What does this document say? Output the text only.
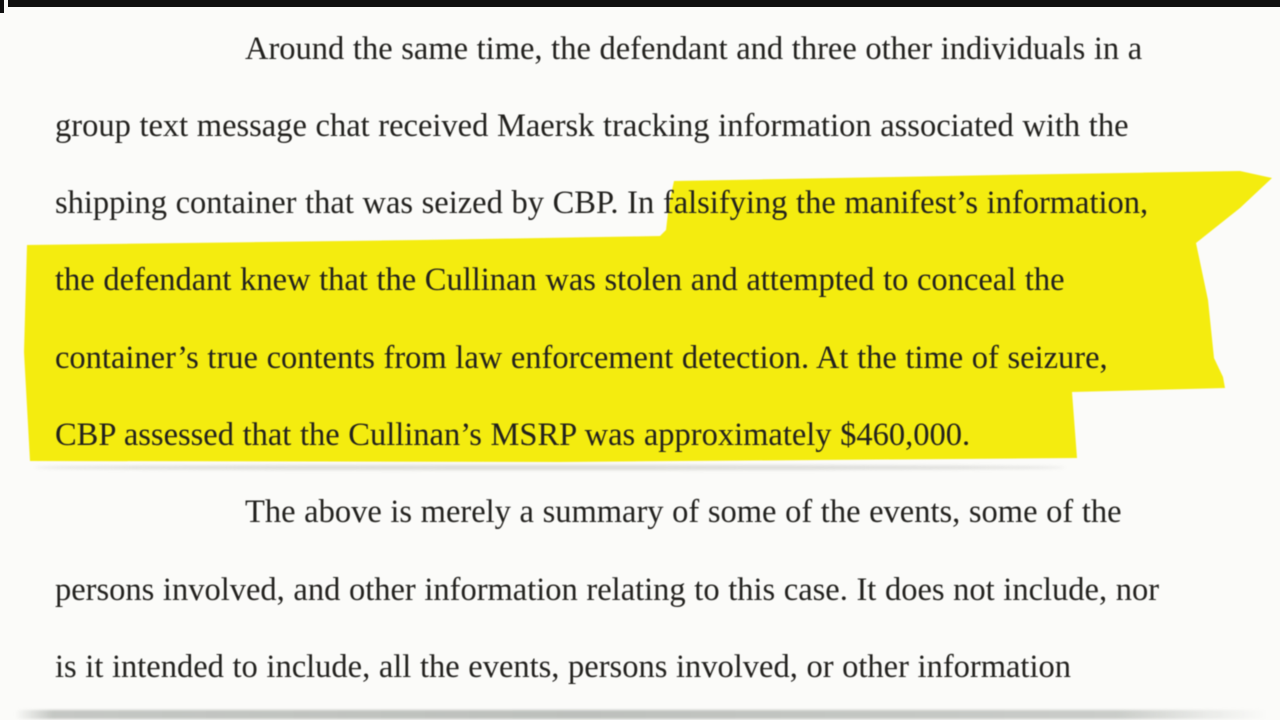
Around the same time, the defendant and three other individuals in a
group text message chat received Maersk tracking information associated with the
shipping container that was seized by CBP. In falsifying the manifest’s information,
the defendant knew that the Cullinan was stolen and attempted to conceal the
container’s true contents from law enforcement detection. At the time of seizure,
CBP assessed that the Cullinan’s MSRP was approximately $460,000.
The above is merely a summary of some of the events, some of the
persons involved, and other information relating to this case. It does not include, nor
is it intended to include, all the events, persons involved, or other information
